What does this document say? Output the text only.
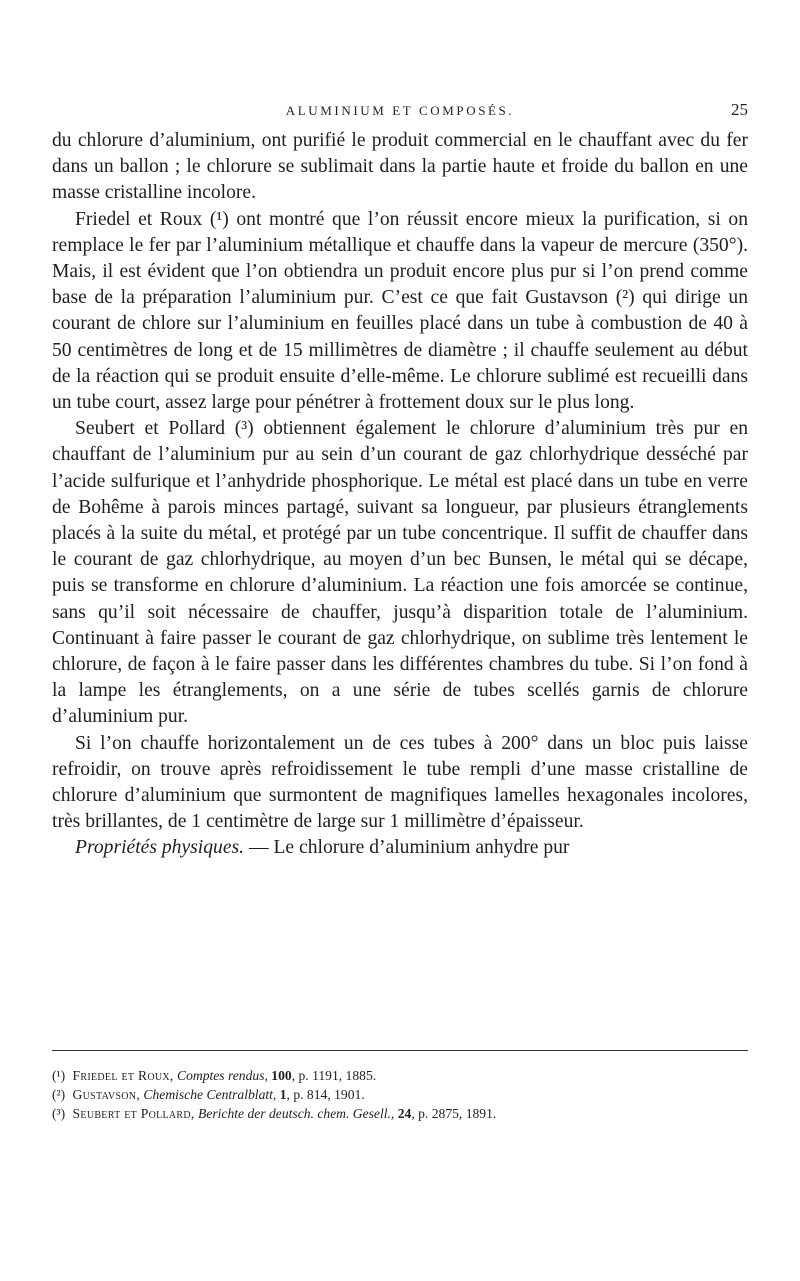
ALUMINIUM ET COMPOSÉS.	25

du chlorure d’aluminium, ont purifié le produit commercial en le chauffant avec du fer dans un ballon ; le chlorure se sublimait dans la partie haute et froide du ballon en une masse cristalline incolore.

Friedel et Roux (¹) ont montré que l’on réussit encore mieux la purification, si on remplace le fer par l’aluminium métallique et chauffe dans la vapeur de mercure (350°). Mais, il est évident que l’on obtiendra un produit encore plus pur si l’on prend comme base de la préparation l’aluminium pur. C’est ce que fait Gustavson (²) qui dirige un courant de chlore sur l’aluminium en feuilles placé dans un tube à combustion de 40 à 50 centimètres de long et de 15 millimètres de diamètre ; il chauffe seulement au début de la réaction qui se produit ensuite d’elle-même. Le chlorure sublimé est recueilli dans un tube court, assez large pour pénétrer à frottement doux sur le plus long.

Seubert et Pollard (³) obtiennent également le chlorure d’aluminium très pur en chauffant de l’aluminium pur au sein d’un courant de gaz chlorhydrique desséché par l’acide sulfurique et l’anhydride phosphorique. Le métal est placé dans un tube en verre de Bohême à parois minces partagé, suivant sa longueur, par plusieurs étranglements placés à la suite du métal, et protégé par un tube concentrique. Il suffit de chauffer dans le courant de gaz chlorhydrique, au moyen d’un bec Bunsen, le métal qui se décape, puis se transforme en chlorure d’aluminium. La réaction une fois amorcée se continue, sans qu’il soit nécessaire de chauffer, jusqu’à disparition totale de l’aluminium. Continuant à faire passer le courant de gaz chlorhydrique, on sublime très lentement le chlorure, de façon à le faire passer dans les différentes chambres du tube. Si l’on fond à la lampe les étranglements, on a une série de tubes scellés garnis de chlorure d’aluminium pur.

Si l’on chauffe horizontalement un de ces tubes à 200° dans un bloc puis laisse refroidir, on trouve après refroidissement le tube rempli d’une masse cristalline de chlorure d’aluminium que surmontent de magnifiques lamelles hexagonales incolores, très brillantes, de 1 centimètre de large sur 1 millimètre d’épaisseur.

Propriétés physiques. — Le chlorure d’aluminium anhydre pur

(¹) Friedel et Roux, Comptes rendus, 100, p. 1191, 1885.
(²) Gustavson, Chemische Centralblatt, 1, p. 814, 1901.
(³) Seubert et Pollard, Berichte der deutsch. chem. Gesell., 24, p. 2875, 1891.
